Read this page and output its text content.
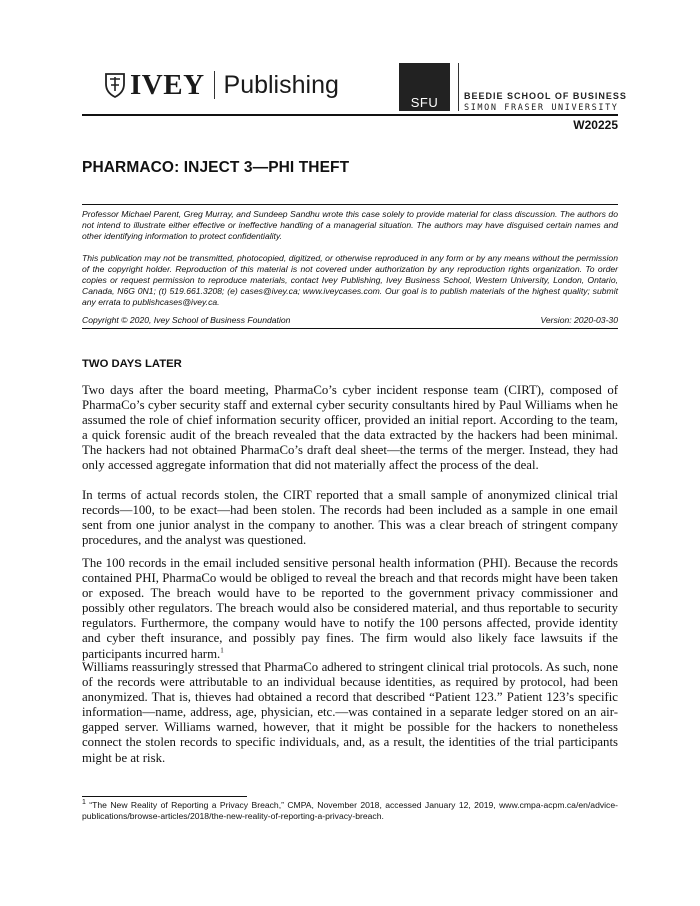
IVEY Publishing
SFU	BEEDIE SCHOOL OF BUSINESS
SIMON FRASER UNIVERSITY
W20225
PHARMACO: INJECT 3—PHI THEFT

Professor Michael Parent, Greg Murray, and Sundeep Sandhu wrote this case solely to provide material for class discussion. The authors do not intend to illustrate either effective or ineffective handling of a managerial situation. The authors may have disguised certain names and other identifying information to protect confidentiality.

This publication may not be transmitted, photocopied, digitized, or otherwise reproduced in any form or by any means without the permission of the copyright holder. Reproduction of this material is not covered under authorization by any reproduction rights organization. To order copies or request permission to reproduce materials, contact Ivey Publishing, Ivey Business School, Western University, London, Ontario, Canada, N6G 0N1; (t) 519.661.3208; (e) cases@ivey.ca; www.iveycases.com. Our goal is to publish materials of the highest quality; submit any errata to publishcases@ivey.ca.

Copyright © 2020, Ivey School of Business Foundation	Version: 2020-03-30
TWO DAYS LATER

Two days after the board meeting, PharmaCo’s cyber incident response team (CIRT), composed of PharmaCo’s cyber security staff and external cyber security consultants hired by Paul Williams when he assumed the role of chief information security officer, provided an initial report. According to the team, a quick forensic audit of the breach revealed that the data extracted by the hackers had been minimal. The hackers had not obtained PharmaCo’s draft deal sheet—the terms of the merger. Instead, they had only accessed aggregate information that did not materially affect the process of the deal.

In terms of actual records stolen, the CIRT reported that a small sample of anonymized clinical trial records—100, to be exact—had been stolen. The records had been included as a sample in one email sent from one junior analyst in the company to another. This was a clear breach of stringent company procedures, and the analyst was questioned.

The 100 records in the email included sensitive personal health information (PHI). Because the records contained PHI, PharmaCo would be obliged to reveal the breach and that records might have been taken or exposed. The breach would have to be reported to the government privacy commissioner and possibly other regulators. The breach would also be considered material, and thus reportable to security regulators. Furthermore, the company would have to notify the 100 persons affected, provide identity and cyber theft insurance, and possibly pay fines. The firm would also likely face lawsuits if the participants incurred harm.$^1$

Williams reassuringly stressed that PharmaCo adhered to stringent clinical trial protocols. As such, none of the records were attributable to an individual because identities, as required by protocol, had been anonymized. That is, thieves had obtained a record that described “Patient 123.” Patient 123’s specific information—name, address, age, physician, etc.—was contained in a separate ledger stored on an air-gapped server. Williams warned, however, that it might be possible for the hackers to nonetheless connect the stolen records to specific individuals, and, as a result, the identities of the trial participants might be at risk.

$^1$ “The New Reality of Reporting a Privacy Breach,” CMPA, November 2018, accessed January 12, 2019, www.cmpa-acpm.ca/en/advice-publications/browse-articles/2018/the-new-reality-of-reporting-a-privacy-breach.
